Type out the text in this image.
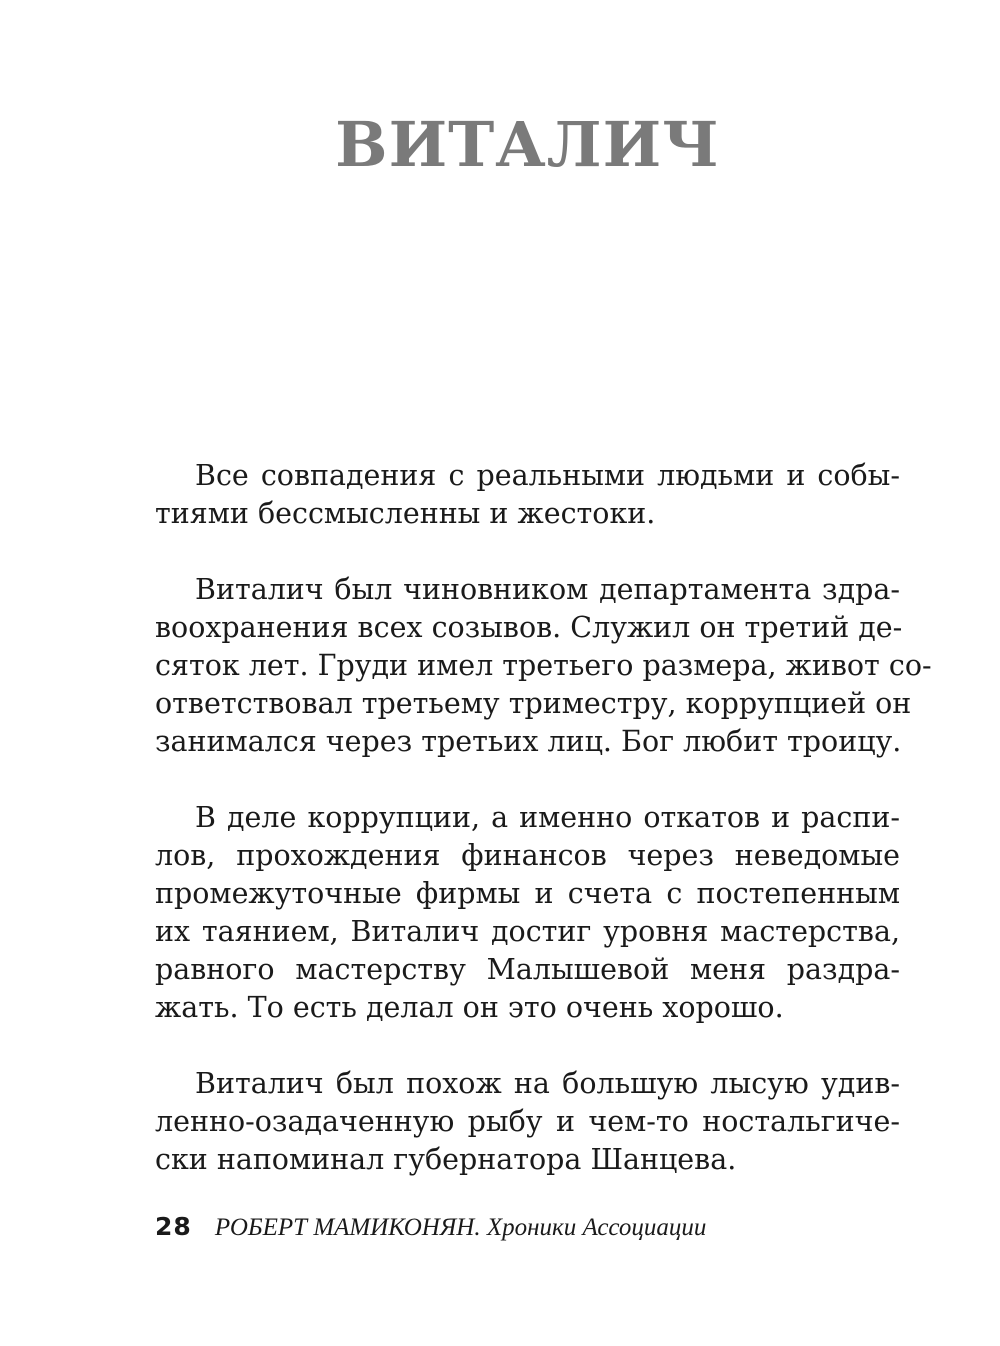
ВИТАЛИЧ

Все совпадения с реальными людьми и собы-
тиями бессмысленны и жестоки.

Виталич был чиновником департамента здра-
воохранения всех созывов. Служил он третий де-
сяток лет. Груди имел третьего размера, живот со-
ответствовал третьему триместру, коррупцией он
занимался через третьих лиц. Бог любит троицу.

В деле коррупции, а именно откатов и распи-
лов, прохождения финансов через неведомые
промежуточные фирмы и счета с постепенным
их таянием, Виталич достиг уровня мастерства,
равного мастерству Малышевой меня раздра-
жать. То есть делал он это очень хорошо.

Виталич был похож на большую лысую удив-
ленно-озадаченную рыбу и чем-то ностальгиче-
ски напоминал губернатора Шанцева.

28 РОБЕРТ МАМИКОНЯН. Хроники Ассоциации
